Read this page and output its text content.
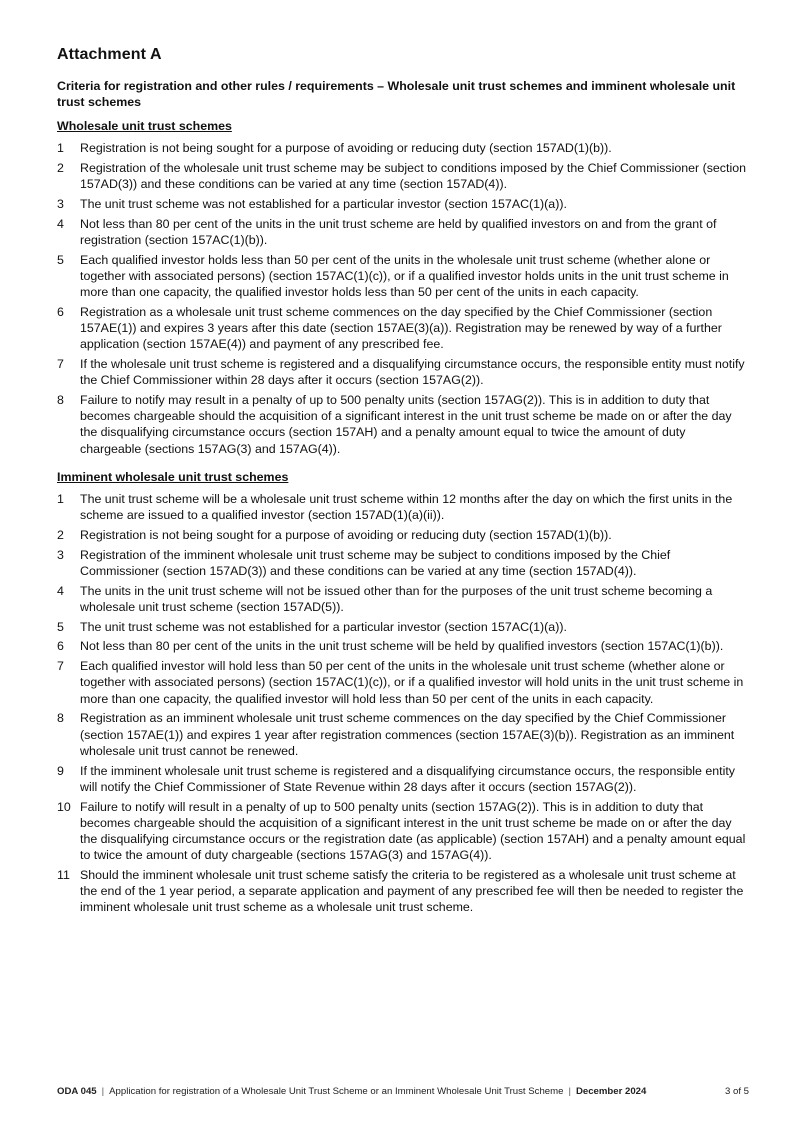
Attachment A
Criteria for registration and other rules / requirements – Wholesale unit trust schemes and imminent wholesale unit trust schemes
Wholesale unit trust schemes
1	Registration is not being sought for a purpose of avoiding or reducing duty (section 157AD(1)(b)).
2	Registration of the wholesale unit trust scheme may be subject to conditions imposed by the Chief Commissioner (section 157AD(3)) and these conditions can be varied at any time (section 157AD(4)).
3	The unit trust scheme was not established for a particular investor (section 157AC(1)(a)).
4	Not less than 80 per cent of the units in the unit trust scheme are held by qualified investors on and from the grant of registration (section 157AC(1)(b)).
5	Each qualified investor holds less than 50 per cent of the units in the wholesale unit trust scheme (whether alone or together with associated persons) (section 157AC(1)(c)), or if a qualified investor holds units in the unit trust scheme in more than one capacity, the qualified investor holds less than 50 per cent of the units in each capacity.
6	Registration as a wholesale unit trust scheme commences on the day specified by the Chief Commissioner (section 157AE(1)) and expires 3 years after this date (section 157AE(3)(a)). Registration may be renewed by way of a further application (section 157AE(4)) and payment of any prescribed fee.
7	If the wholesale unit trust scheme is registered and a disqualifying circumstance occurs, the responsible entity must notify the Chief Commissioner within 28 days after it occurs (section 157AG(2)).
8	Failure to notify may result in a penalty of up to 500 penalty units (section 157AG(2)). This is in addition to duty that becomes chargeable should the acquisition of a significant interest in the unit trust scheme be made on or after the day the disqualifying circumstance occurs (section 157AH) and a penalty amount equal to twice the amount of duty chargeable (sections 157AG(3) and 157AG(4)).
Imminent wholesale unit trust schemes
1	The unit trust scheme will be a wholesale unit trust scheme within 12 months after the day on which the first units in the scheme are issued to a qualified investor (section 157AD(1)(a)(ii)).
2	Registration is not being sought for a purpose of avoiding or reducing duty (section 157AD(1)(b)).
3	Registration of the imminent wholesale unit trust scheme may be subject to conditions imposed by the Chief Commissioner (section 157AD(3)) and these conditions can be varied at any time (section 157AD(4)).
4	The units in the unit trust scheme will not be issued other than for the purposes of the unit trust scheme becoming a wholesale unit trust scheme (section 157AD(5)).
5	The unit trust scheme was not established for a particular investor (section 157AC(1)(a)).
6	Not less than 80 per cent of the units in the unit trust scheme will be held by qualified investors (section 157AC(1)(b)).
7	Each qualified investor will hold less than 50 per cent of the units in the wholesale unit trust scheme (whether alone or together with associated persons) (section 157AC(1)(c)), or if a qualified investor will hold units in the unit trust scheme in more than one capacity, the qualified investor will hold less than 50 per cent of the units in each capacity.
8	Registration as an imminent wholesale unit trust scheme commences on the day specified by the Chief Commissioner (section 157AE(1)) and expires 1 year after registration commences (section 157AE(3)(b)). Registration as an imminent wholesale unit trust cannot be renewed.
9	If the imminent wholesale unit trust scheme is registered and a disqualifying circumstance occurs, the responsible entity will notify the Chief Commissioner of State Revenue within 28 days after it occurs (section 157AG(2)).
10 Failure to notify will result in a penalty of up to 500 penalty units (section 157AG(2)). This is in addition to duty that becomes chargeable should the acquisition of a significant interest in the unit trust scheme be made on or after the day the disqualifying circumstance occurs or the registration date (as applicable) (section 157AH) and a penalty amount equal to twice the amount of duty chargeable (sections 157AG(3) and 157AG(4)).
11 Should the imminent wholesale unit trust scheme satisfy the criteria to be registered as a wholesale unit trust scheme at the end of the 1 year period, a separate application and payment of any prescribed fee will then be needed to register the imminent wholesale unit trust scheme as a wholesale unit trust scheme.
ODA 045 | Application for registration of a Wholesale Unit Trust Scheme or an Imminent Wholesale Unit Trust Scheme | December 2024	3 of 5
